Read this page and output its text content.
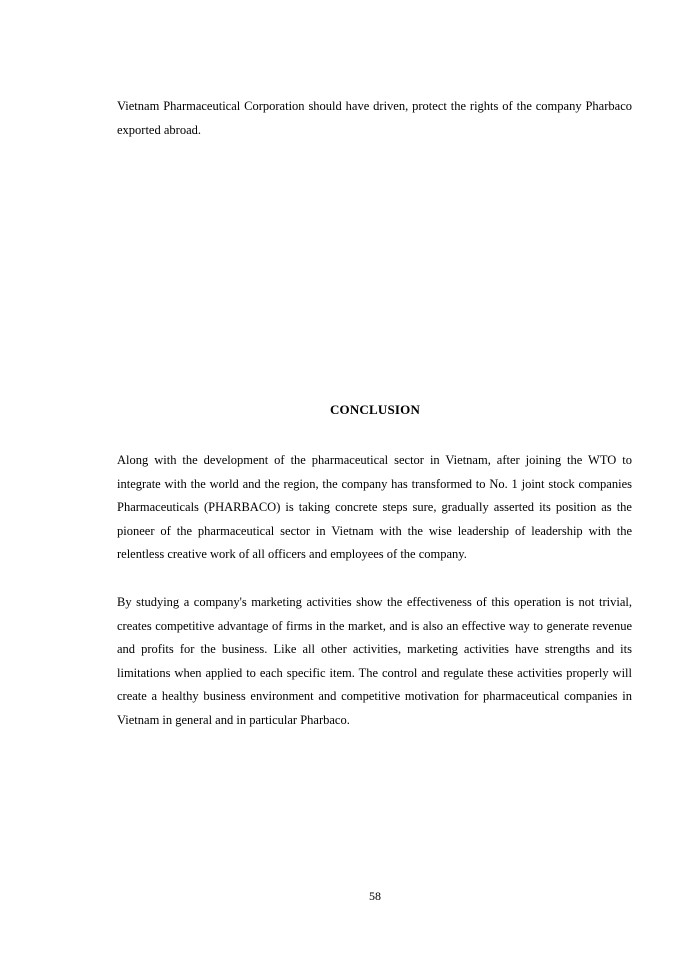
Vietnam Pharmaceutical Corporation should have driven, protect the rights of the company Pharbaco exported abroad.

CONCLUSION

Along with the development of the pharmaceutical sector in Vietnam, after joining the WTO to integrate with the world and the region, the company has transformed to No. 1 joint stock companies Pharmaceuticals (PHARBACO) is taking concrete steps sure, gradually asserted its position as the pioneer of the pharmaceutical sector in Vietnam with the wise leadership of leadership with the relentless creative work of all officers and employees of the company.

By studying a company's marketing activities show the effectiveness of this operation is not trivial, creates competitive advantage of firms in the market, and is also an effective way to generate revenue and profits for the business. Like all other activities, marketing activities have strengths and its limitations when applied to each specific item. The control and regulate these activities properly will create a healthy business environment and competitive motivation for pharmaceutical companies in Vietnam in general and in particular Pharbaco.

58
